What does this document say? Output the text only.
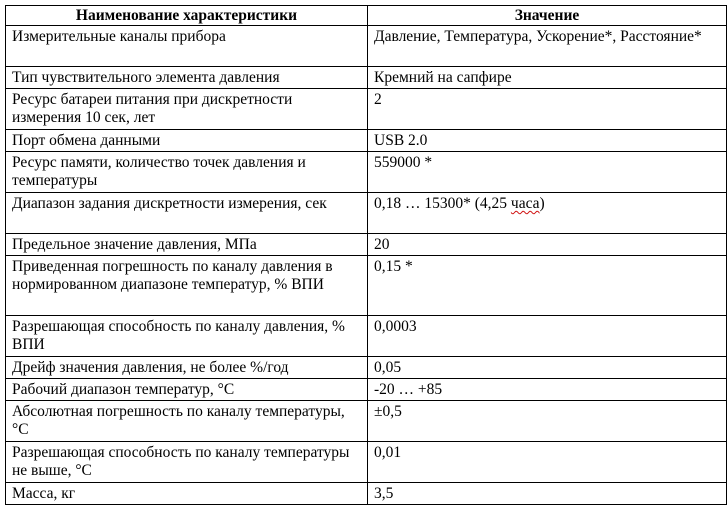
Наименование характеристики	Значение
Измерительные каналы прибора	Давление, Температура, Ускорение*, Расстояние*
Тип чувствительного элемента давления	Кремний на сапфире
Ресурс батареи питания при дискретности измерения 10 сек, лет	2
Порт обмена данными	USB 2.0
Ресурс памяти, количество точек давления и температуры	559000 *
Диапазон задания дискретности измерения, сек	0,18 … 15300* (4,25 часа)
Предельное значение давления, МПа	20
Приведенная погрешность по каналу давления в нормированном диапазоне температур, % ВПИ	0,15 *
Разрешающая способность по каналу давления, % ВПИ	0,0003
Дрейф значения давления, не более %/год	0,05
Рабочий диапазон температур, °С	-20 … +85
Абсолютная погрешность по каналу температуры, °С	±0,5
Разрешающая способность по каналу температуры не выше, °С	0,01
Масса, кг	3,5
